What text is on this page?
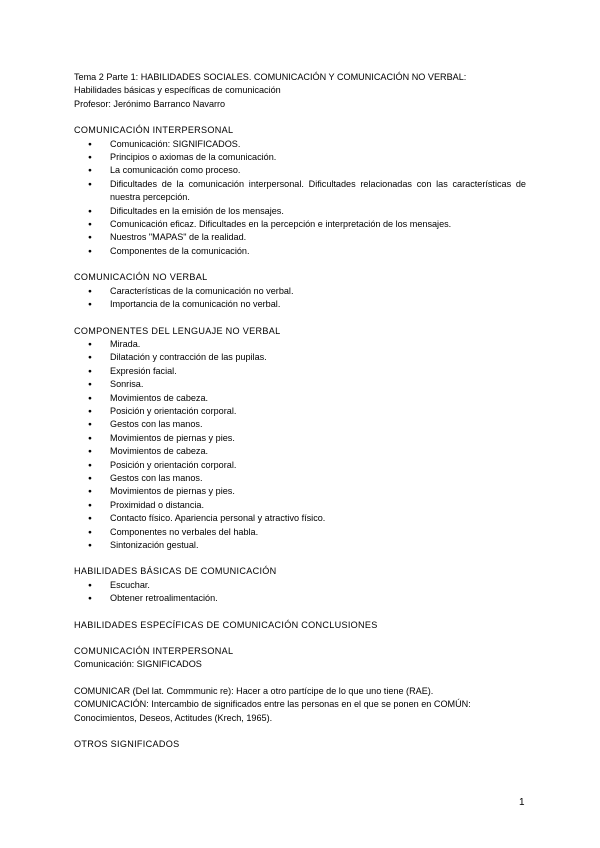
Tema 2 Parte 1: HABILIDADES SOCIALES. COMUNICACIÓN Y COMUNICACIÓN NO VERBAL:
Habilidades básicas y específicas de comunicación
Profesor: Jerónimo Barranco Navarro
COMUNICACIÓN INTERPERSONAL
● Comunicación: SIGNIFICADOS.
● Principios o axiomas de la comunicación.
● La comunicación como proceso.
● Dificultades de la comunicación interpersonal. Dificultades relacionadas con las características de nuestra percepción.
● Dificultades en la emisión de los mensajes.
● Comunicación eficaz. Dificultades en la percepción e interpretación de los mensajes.
● Nuestros "MAPAS" de la realidad.
● Componentes de la comunicación.
COMUNICACIÓN NO VERBAL
● Características de la comunicación no verbal.
● Importancia de la comunicación no verbal.
COMPONENTES DEL LENGUAJE NO VERBAL
● Mirada.
● Dilatación y contracción de las pupilas.
● Expresión facial.
● Sonrisa.
● Movimientos de cabeza.
● Posición y orientación corporal.
● Gestos con las manos.
● Movimientos de piernas y pies.
● Movimientos de cabeza.
● Posición y orientación corporal.
● Gestos con las manos.
● Movimientos de piernas y pies.
● Proximidad o distancia.
● Contacto físico. Apariencia personal y atractivo físico.
● Componentes no verbales del habla.
● Sintonización gestual.
HABILIDADES BÁSICAS DE COMUNICACIÓN
● Escuchar.
● Obtener retroalimentación.
HABILIDADES ESPECÍFICAS DE COMUNICACIÓN CONCLUSIONES
COMUNICACIÓN INTERPERSONAL
Comunicación: SIGNIFICADOS
COMUNICAR (Del lat. Commmunic re): Hacer a otro partícipe de lo que uno tiene (RAE).
COMUNICACIÓN: Intercambio de significados entre las personas en el que se ponen en COMÚN:
Conocimientos, Deseos, Actitudes (Krech, 1965).
OTROS SIGNIFICADOS
1
